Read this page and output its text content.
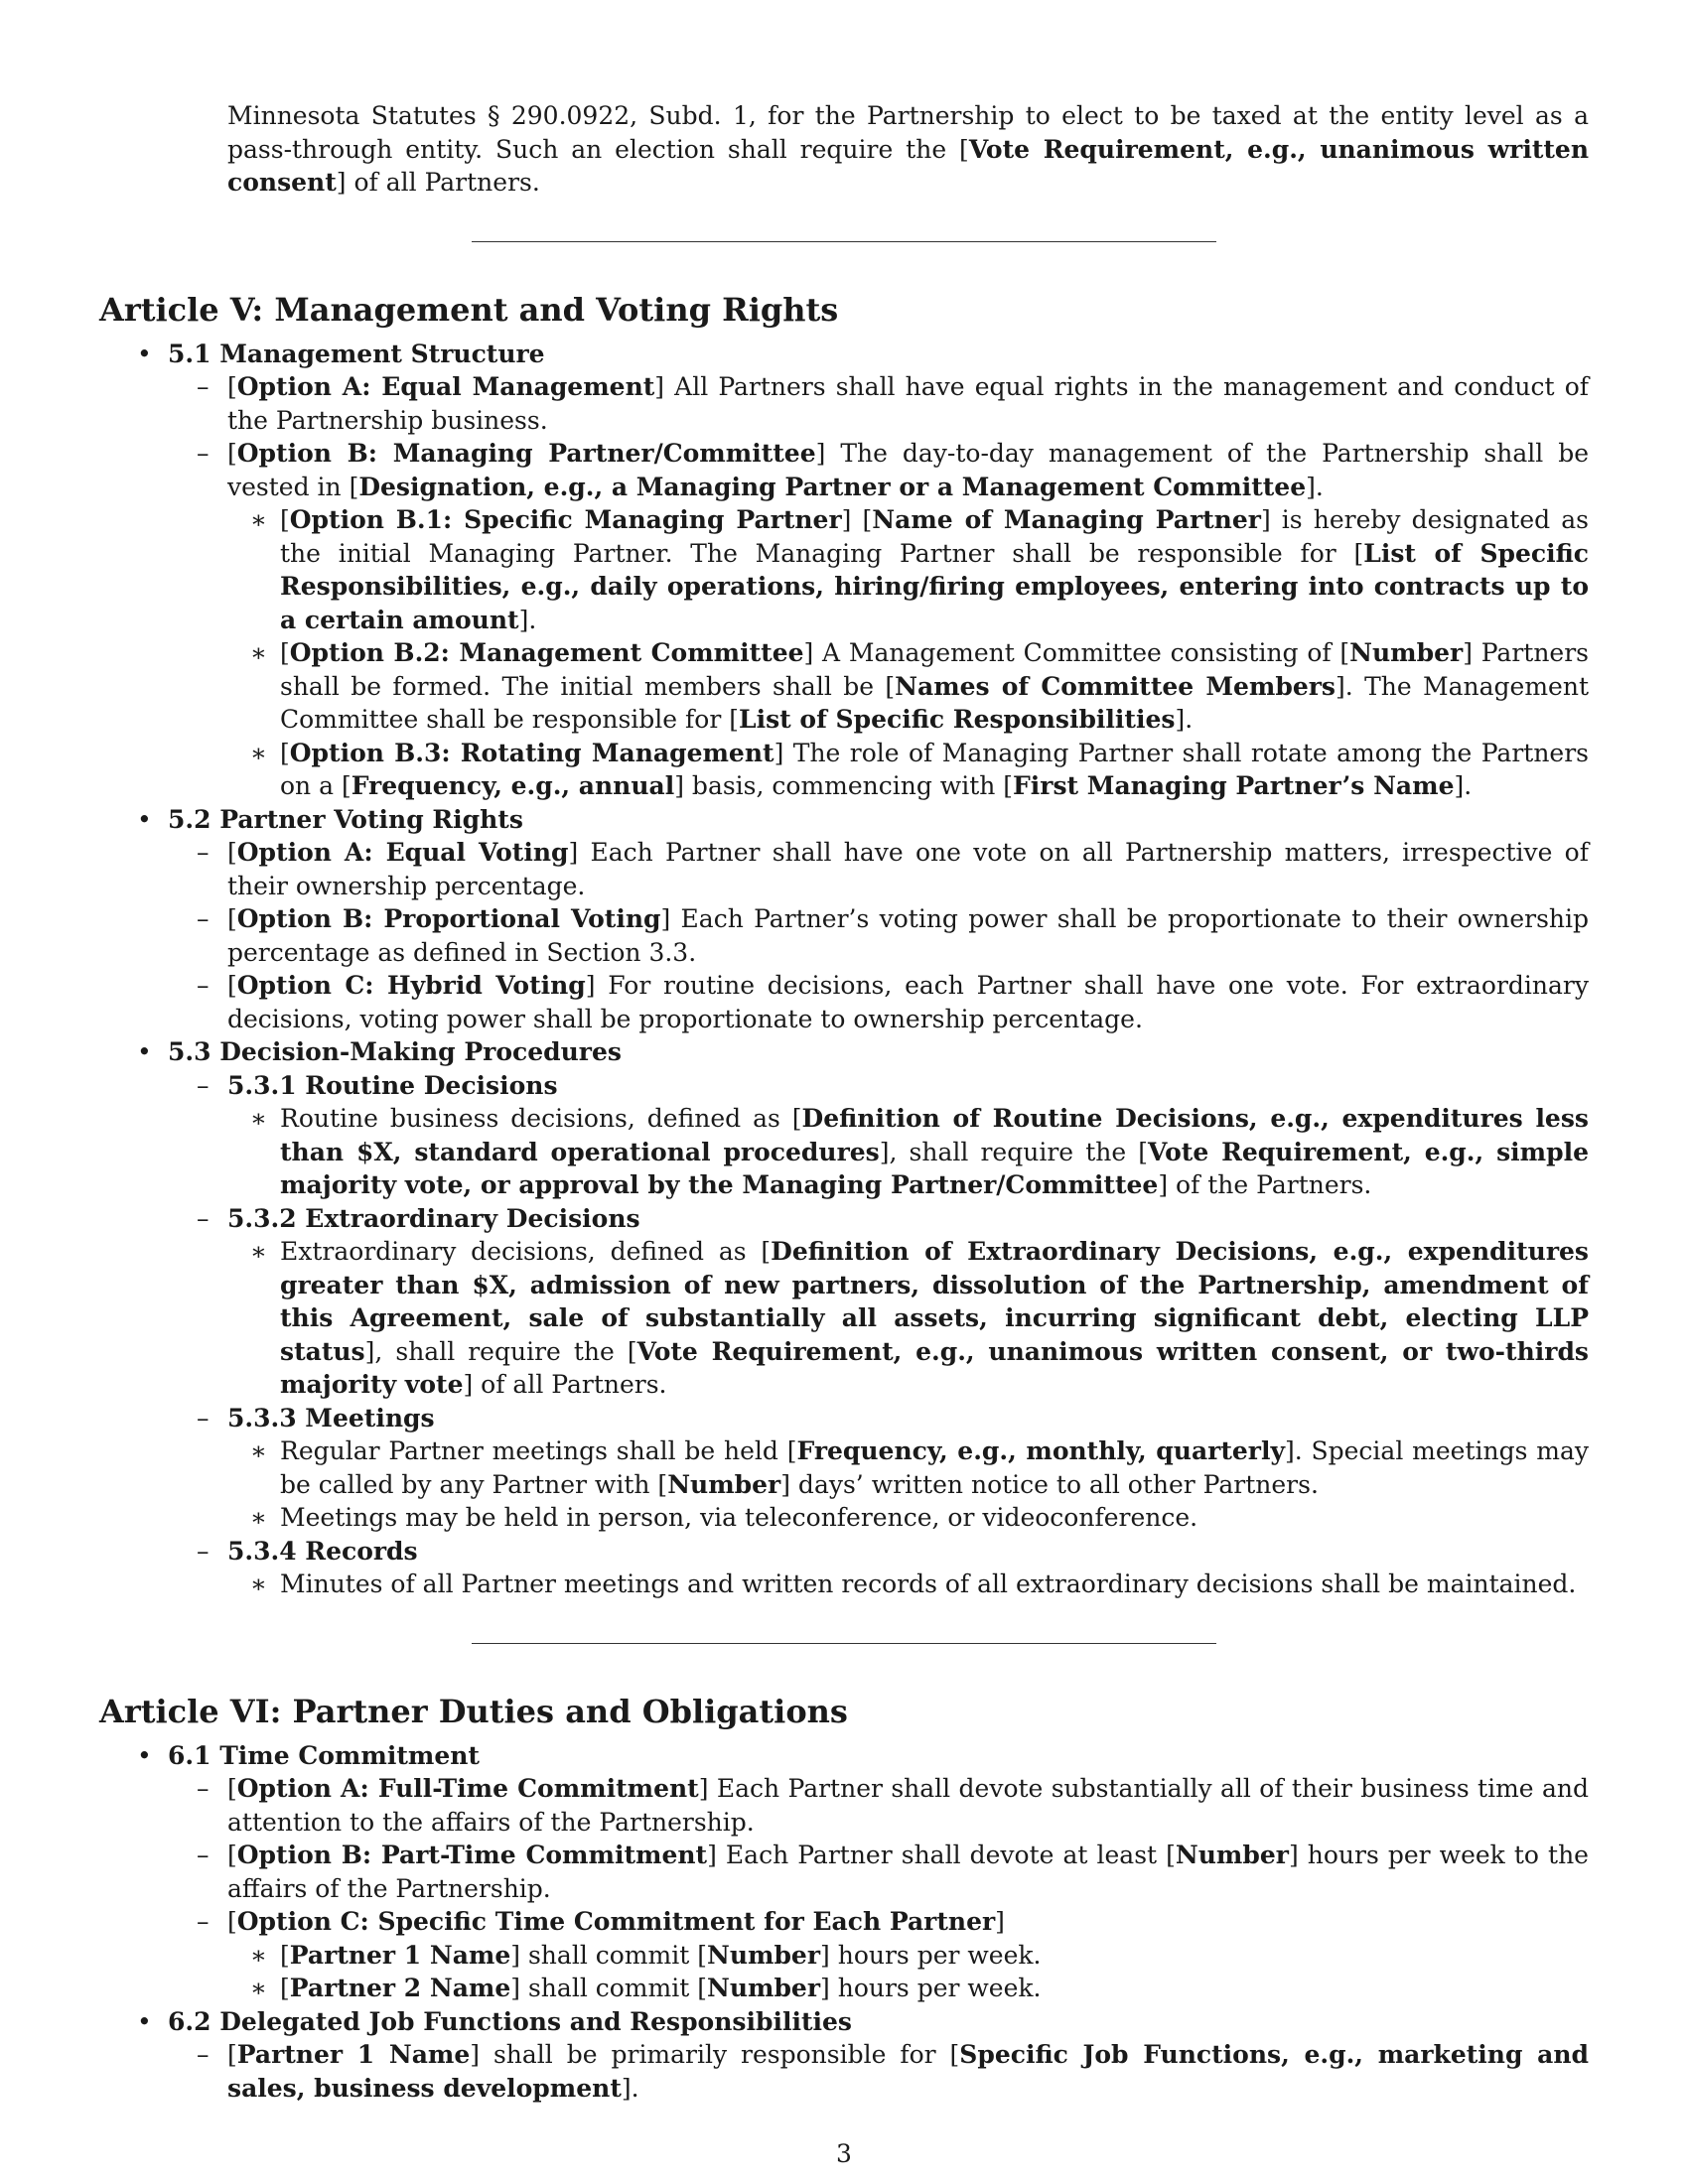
Minnesota Statutes § 290.0922, Subd. 1, for the Partnership to elect to be taxed at the entity level as a pass-through entity. Such an election shall require the [Vote Requirement, e.g., unanimous written consent] of all Partners.

Article V: Management and Voting Rights
• 5.1 Management Structure
– [Option A: Equal Management] All Partners shall have equal rights in the management and conduct of the Partnership business.
– [Option B: Managing Partner/Committee] The day-to-day management of the Partnership shall be vested in [Designation, e.g., a Managing Partner or a Management Committee].
∗ [Option B.1: Specific Managing Partner] [Name of Managing Partner] is hereby designated as the initial Managing Partner. The Managing Partner shall be responsible for [List of Specific Responsibilities, e.g., daily operations, hiring/firing employees, entering into contracts up to a certain amount].
∗ [Option B.2: Management Committee] A Management Committee consisting of [Number] Partners shall be formed. The initial members shall be [Names of Committee Members]. The Management Committee shall be responsible for [List of Specific Responsibilities].
∗ [Option B.3: Rotating Management] The role of Managing Partner shall rotate among the Partners on a [Frequency, e.g., annual] basis, commencing with [First Managing Partner’s Name].
• 5.2 Partner Voting Rights
– [Option A: Equal Voting] Each Partner shall have one vote on all Partnership matters, irrespective of their ownership percentage.
– [Option B: Proportional Voting] Each Partner’s voting power shall be proportionate to their ownership percentage as defined in Section 3.3.
– [Option C: Hybrid Voting] For routine decisions, each Partner shall have one vote. For extraordinary decisions, voting power shall be proportionate to ownership percentage.
• 5.3 Decision-Making Procedures
– 5.3.1 Routine Decisions
∗ Routine business decisions, defined as [Definition of Routine Decisions, e.g., expenditures less than $X, standard operational procedures], shall require the [Vote Requirement, e.g., simple majority vote, or approval by the Managing Partner/Committee] of the Partners.
– 5.3.2 Extraordinary Decisions
∗ Extraordinary decisions, defined as [Definition of Extraordinary Decisions, e.g., expenditures greater than $X, admission of new partners, dissolution of the Partnership, amendment of this Agreement, sale of substantially all assets, incurring significant debt, electing LLP status], shall require the [Vote Requirement, e.g., unanimous written consent, or two-thirds majority vote] of all Partners.
– 5.3.3 Meetings
∗ Regular Partner meetings shall be held [Frequency, e.g., monthly, quarterly]. Special meetings may be called by any Partner with [Number] days’ written notice to all other Partners.
∗ Meetings may be held in person, via teleconference, or videoconference.
– 5.3.4 Records
∗ Minutes of all Partner meetings and written records of all extraordinary decisions shall be maintained.
Article VI: Partner Duties and Obligations
• 6.1 Time Commitment
– [Option A: Full-Time Commitment] Each Partner shall devote substantially all of their business time and attention to the affairs of the Partnership.
– [Option B: Part-Time Commitment] Each Partner shall devote at least [Number] hours per week to the affairs of the Partnership.
– [Option C: Specific Time Commitment for Each Partner]
∗ [Partner 1 Name] shall commit [Number] hours per week.
∗ [Partner 2 Name] shall commit [Number] hours per week.
• 6.2 Delegated Job Functions and Responsibilities
– [Partner 1 Name] shall be primarily responsible for [Specific Job Functions, e.g., marketing and sales, business development].
3
